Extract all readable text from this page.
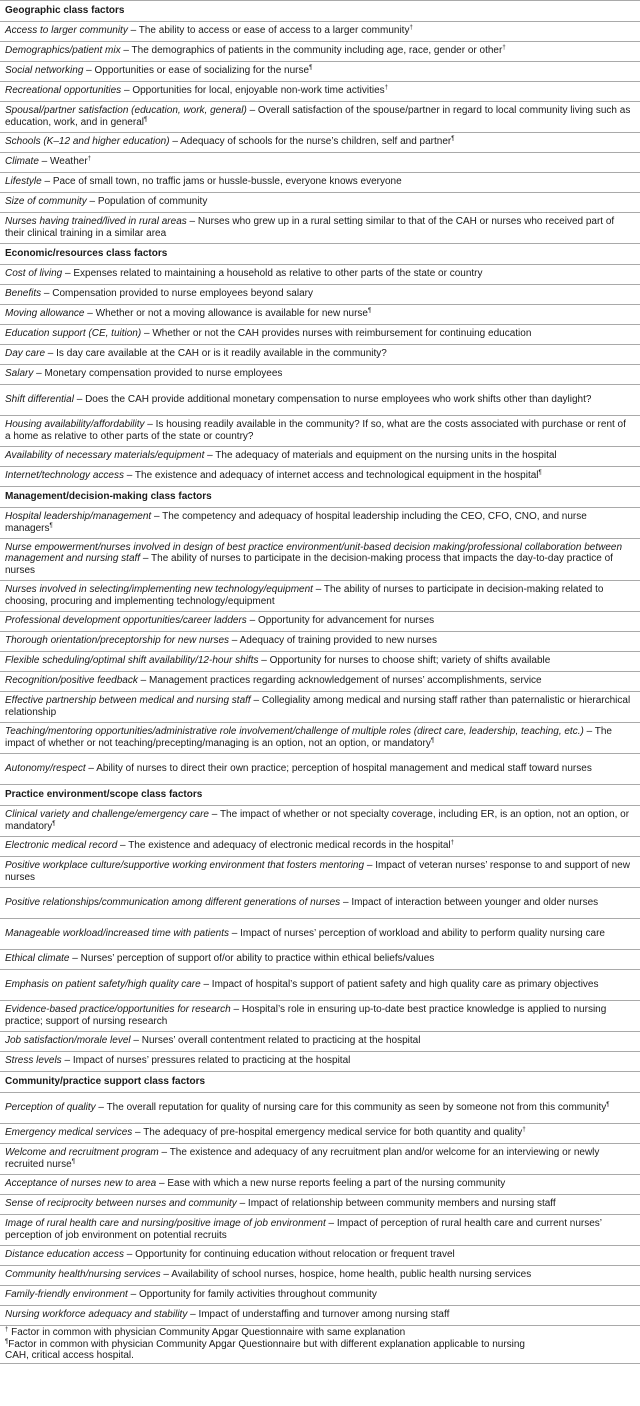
Geographic class factors
Access to larger community – The ability to access or ease of access to a larger community†
Demographics/patient mix – The demographics of patients in the community including age, race, gender or other†
Social networking – Opportunities or ease of socializing for the nurse¶
Recreational opportunities – Opportunities for local, enjoyable non-work time activities†
Spousal/partner satisfaction (education, work, general) – Overall satisfaction of the spouse/partner in regard to local community living such as education, work, and in general¶
Schools (K–12 and higher education) – Adequacy of schools for the nurse’s children, self and partner¶
Climate – Weather†
Lifestyle – Pace of small town, no traffic jams or hussle-bussle, everyone knows everyone
Size of community – Population of community
Nurses having trained/lived in rural areas – Nurses who grew up in a rural setting similar to that of the CAH or nurses who received part of their clinical training in a similar area
Economic/resources class factors
Cost of living – Expenses related to maintaining a household as relative to other parts of the state or country
Benefits – Compensation provided to nurse employees beyond salary
Moving allowance – Whether or not a moving allowance is available for new nurse¶
Education support (CE, tuition) – Whether or not the CAH provides nurses with reimbursement for continuing education
Day care – Is day care available at the CAH or is it readily available in the community?
Salary – Monetary compensation provided to nurse employees
Shift differential – Does the CAH provide additional monetary compensation to nurse employees who work shifts other than daylight?
Housing availability/affordability – Is housing readily available in the community? If so, what are the costs associated with purchase or rent of a home as relative to other parts of the state or country?
Availability of necessary materials/equipment – The adequacy of materials and equipment on the nursing units in the hospital
Internet/technology access – The existence and adequacy of internet access and technological equipment in the hospital¶
Management/decision-making class factors
Hospital leadership/management – The competency and adequacy of hospital leadership including the CEO, CFO, CNO, and nurse managers¶
Nurse empowerment/nurses involved in design of best practice environment/unit-based decision making/professional collaboration between management and nursing staff – The ability of nurses to participate in the decision-making process that impacts the day-to-day practice of nurses
Nurses involved in selecting/implementing new technology/equipment – The ability of nurses to participate in decision-making related to choosing, procuring and implementing technology/equipment
Professional development opportunities/career ladders – Opportunity for advancement for nurses
Thorough orientation/preceptorship for new nurses – Adequacy of training provided to new nurses
Flexible scheduling/optimal shift availability/12-hour shifts – Opportunity for nurses to choose shift; variety of shifts available
Recognition/positive feedback – Management practices regarding acknowledgement of nurses’ accomplishments, service
Effective partnership between medical and nursing staff – Collegiality among medical and nursing staff rather than paternalistic or hierarchical relationship
Teaching/mentoring opportunities/administrative role involvement/challenge of multiple roles (direct care, leadership, teaching, etc.) – The impact of whether or not teaching/precepting/managing is an option, not an option, or mandatory¶
Autonomy/respect – Ability of nurses to direct their own practice; perception of hospital management and medical staff toward nurses
Practice environment/scope class factors
Clinical variety and challenge/emergency care – The impact of whether or not specialty coverage, including ER, is an option, not an option, or mandatory¶
Electronic medical record – The existence and adequacy of electronic medical records in the hospital†
Positive workplace culture/supportive working environment that fosters mentoring – Impact of veteran nurses’ response to and support of new nurses
Positive relationships/communication among different generations of nurses – Impact of interaction between younger and older nurses
Manageable workload/increased time with patients – Impact of nurses’ perception of workload and ability to perform quality nursing care
Ethical climate – Nurses’ perception of support of/or ability to practice within ethical beliefs/values
Emphasis on patient safety/high quality care – Impact of hospital’s support of patient safety and high quality care as primary objectives
Evidence-based practice/opportunities for research – Hospital’s role in ensuring up-to-date best practice knowledge is applied to nursing practice; support of nursing research
Job satisfaction/morale level – Nurses’ overall contentment related to practicing at the hospital
Stress levels – Impact of nurses’ pressures related to practicing at the hospital
Community/practice support class factors
Perception of quality – The overall reputation for quality of nursing care for this community as seen by someone not from this community¶
Emergency medical services – The adequacy of pre-hospital emergency medical service for both quantity and quality†
Welcome and recruitment program – The existence and adequacy of any recruitment plan and/or welcome for an interviewing or newly recruited nurse¶
Acceptance of nurses new to area – Ease with which a new nurse reports feeling a part of the nursing community
Sense of reciprocity between nurses and community – Impact of relationship between community members and nursing staff
Image of rural health care and nursing/positive image of job environment – Impact of perception of rural health care and current nurses’ perception of job environment on potential recruits
Distance education access – Opportunity for continuing education without relocation or frequent travel
Community health/nursing services – Availability of school nurses, hospice, home health, public health nursing services
Family-friendly environment – Opportunity for family activities throughout community
Nursing workforce adequacy and stability – Impact of understaffing and turnover among nursing staff
† Factor in common with physician Community Apgar Questionnaire with same explanation
¶Factor in common with physician Community Apgar Questionnaire but with different explanation applicable to nursing
CAH, critical access hospital.
